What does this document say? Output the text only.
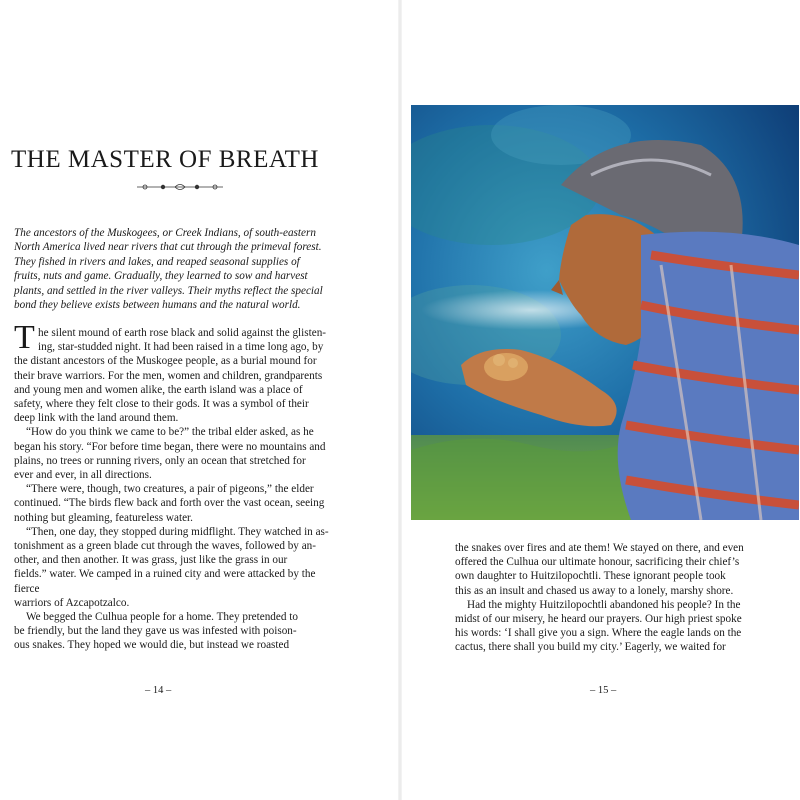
THE MASTER OF BREATH
The ancestors of the Muskogees, or Creek Indians, of south-eastern
North America lived near rivers that cut through the primeval forest.
They fished in rivers and lakes, and reaped seasonal supplies of
fruits, nuts and game. Gradually, they learned to sow and harvest
plants, and settled in the river valleys. Their myths reflect the special
bond they believe exists between humans and the natural world.
T he silent mound of earth rose black and solid against the glisten-
ing, star-studded night. It had been raised in a time long ago, by
the distant ancestors of the Muskogee people, as a burial mound for
their brave warriors. For the men, women and children, grandparents
and young men and women alike, the earth island was a place of
safety, where they felt close to their gods. It was a symbol of their
deep link with the land around them.
“How do you think we came to be?” the tribal elder asked, as he
began his story. “For before time began, there were no mountains and
plains, no trees or running rivers, only an ocean that stretched for
ever and ever, in all directions.
“There were, though, two creatures, a pair of pigeons,” the elder
continued. “The birds flew back and forth over the vast ocean, seeing
nothing but gleaming, featureless water.
“Then, one day, they stopped during midflight. They watched in as-
tonishment as a green blade cut through the waves, followed by an-
other, and then another. It was grass, just like the grass in our
fields.” water. We camped in a ruined city and were attacked by the
fierce
warriors of Azcapotzalco.
We begged the Culhua people for a home. They pretended to
be friendly, but the land they gave us was infested with poison-
ous snakes. They hoped we would die, but instead we roasted
– 14 –
the snakes over fires and ate them! We stayed on there, and even
offered the Culhua our ultimate honour, sacrificing their chief’s
own daughter to Huitzilopochtli. These ignorant people took
this as an insult and chased us away to a lonely, marshy shore.
Had the mighty Huitzilopochtli abandoned his people? In the
midst of our misery, he heard our prayers. Our high priest spoke
his words: ‘I shall give you a sign. Where the eagle lands on the
cactus, there shall you build my city.’ Eagerly, we waited for
– 15 –
